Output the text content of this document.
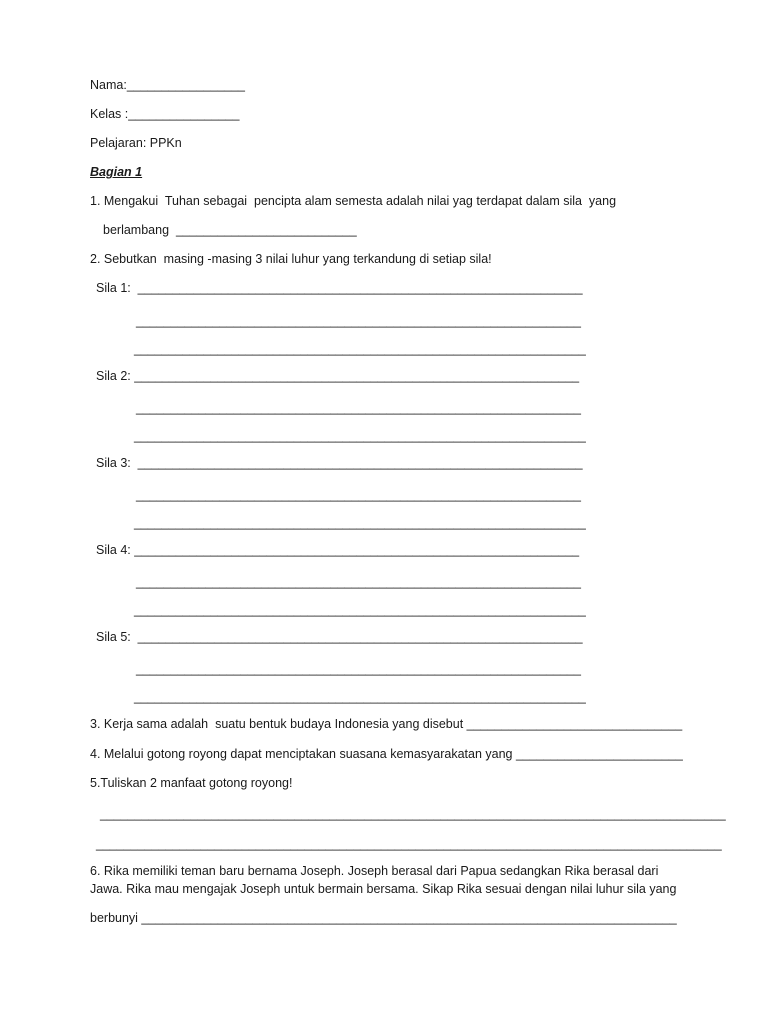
Nama:_________________
Kelas :________________
Pelajaran: PPKn
Bagian 1
1. Mengakui  Tuhan sebagai  pencipta alam semesta adalah nilai yag terdapat dalam sila  yang
berlambang  __________________________
2. Sebutkan  masing -masing 3 nilai luhur yang terkandung di setiap sila!
Sila 1:  ________________________________________________________________
________________________________________________________________
_________________________________________________________________
Sila 2: ________________________________________________________________
________________________________________________________________
_________________________________________________________________
Sila 3:  ________________________________________________________________
________________________________________________________________
_________________________________________________________________
Sila 4: ________________________________________________________________
________________________________________________________________
_________________________________________________________________
Sila 5:  ________________________________________________________________
________________________________________________________________
_________________________________________________________________
3. Kerja sama adalah  suatu bentuk budaya Indonesia yang disebut _______________________________
4. Melalui gotong royong dapat menciptakan suasana kemasyarakatan yang ________________________
5.Tuliskan 2 manfaat gotong royong!
__________________________________________________________________________________________
__________________________________________________________________________________________
6. Rika memiliki teman baru bernama Joseph. Joseph berasal dari Papua sedangkan Rika berasal dari
Jawa. Rika mau mengajak Joseph untuk bermain bersama. Sikap Rika sesuai dengan nilai luhur sila yang
berbunyi _____________________________________________________________________________
